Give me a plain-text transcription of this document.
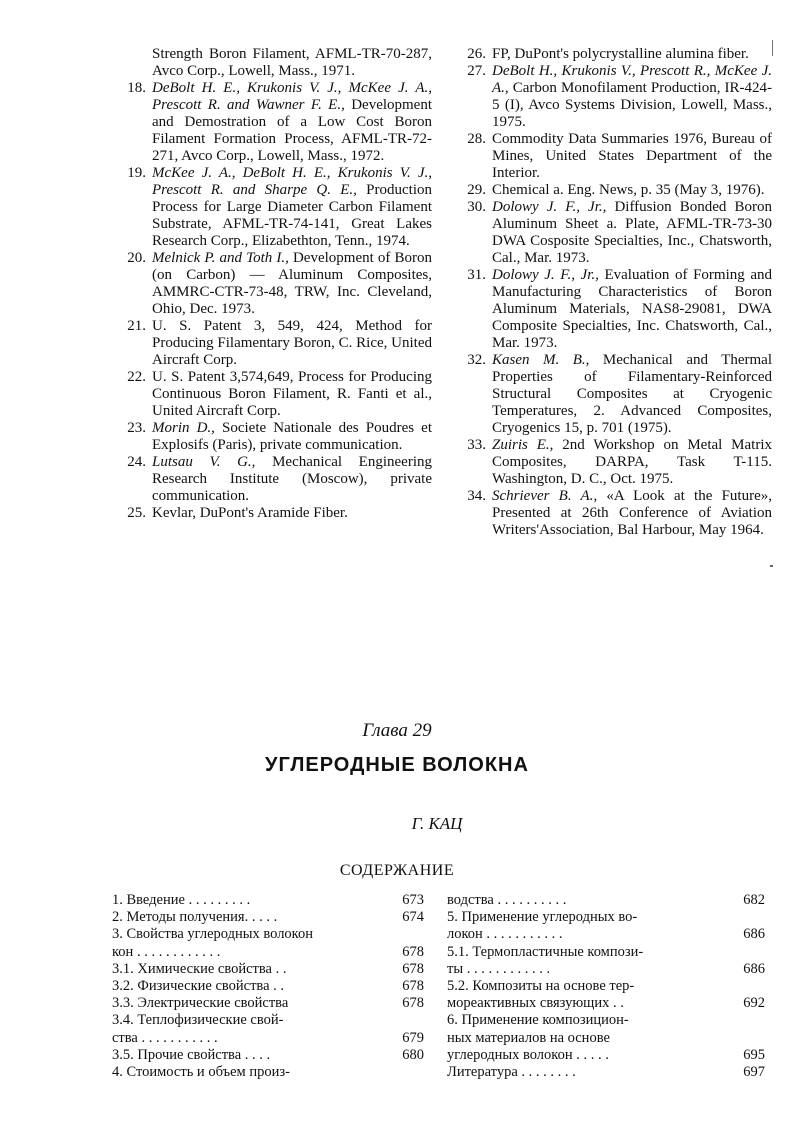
Strength Boron Filament, AFML-TR-70-287, Avco Corp., Lowell, Mass., 1971.
18. DeBolt H. E., Krukonis V. J., McKee J. A., Prescott R. and Wawner F. E., Development and Demostration of a Low Cost Boron Filament Formation Process, AFML-TR-72-271, Avco Corp., Lowell, Mass., 1972.
19. McKee J. A., DeBolt H. E., Krukonis V. J., Prescott R. and Sharpe Q. E., Production Process for Large Diameter Carbon Filament Substrate, AFML-TR-74-141, Great Lakes Research Corp., Elizabethton, Tenn., 1974.
20. Melnick P. and Toth I., Development of Boron (on Carbon) — Aluminum Composites, AMMRC-CTR-73-48, TRW, Inc. Cleveland, Ohio, Dec. 1973.
21. U. S. Patent 3, 549, 424, Method for Producing Filamentary Boron, C. Rice, United Aircraft Corp.
22. U. S. Patent 3,574,649, Process for Producing Continuous Boron Filament, R. Fanti et al., United Aircraft Corp.
23. Morin D., Societe Nationale des Poudres et Explosifs (Paris), private communication.
24. Lutsau V. G., Mechanical Engineering Research Institute (Moscow), private communication.
25. Kevlar, DuPont's Aramide Fiber.
26. FP, DuPont's polycrystalline alumina fiber.
27. DeBolt H., Krukonis V., Prescott R., McKee J. A., Carbon Monofilament Production, IR-424-5 (I), Avco Systems Division, Lowell, Mass., 1975.
28. Commodity Data Summaries 1976, Bureau of Mines, United States Department of the Interior.
29. Chemical a. Eng. News, p. 35 (May 3, 1976).
30. Dolowy J. F., Jr., Diffusion Bonded Boron Aluminum Sheet a. Plate, AFML-TR-73-30 DWA Cosposite Specialties, Inc., Chatsworth, Cal., Mar. 1973.
31. Dolowy J. F., Jr., Evaluation of Forming and Manufacturing Characteristics of Boron Aluminum Materials, NAS8-29081, DWA Composite Specialties, Inc. Chatsworth, Cal., Mar. 1973.
32. Kasen M. B., Mechanical and Thermal Properties of Filamentary-Reinforced Structural Composites at Cryogenic Temperatures, 2. Advanced Composites, Cryogenics 15, p. 701 (1975).
33. Zuiris E., 2nd Workshop on Metal Matrix Composites, DARPA, Task T-115. Washington, D. C., Oct. 1975.
34. Schriever B. A., «A Look at the Future», Presented at 26th Conference of Aviation Writers'Association, Bal Harbour, May 1964.
Глава 29
УГЛЕРОДНЫЕ ВОЛОКНА
Г. КАЦ
СОДЕРЖАНИЕ
1. Введение . . . . . . . . .	673
2. Методы получения. . . . .	674
3. Свойства углеродных волокон
кон . . . . . . . . . . . .	678
3.1. Химические свойства . .	678
3.2. Физические свойства . .	678
3.3. Электрические свойства	678
3.4. Теплофизические свой-
ства . . . . . . . . . . .	679
3.5. Прочие свойства . . . .	680
4. Стоимость и объем произ-
водства . . . . . . . . . .	682
5. Применение углеродных во-
локон . . . . . . . . . . .	686
5.1. Термопластичные компози-
ты . . . . . . . . . . . .	686
5.2. Композиты на основе тер-
мореактивных связующих . .	692
6. Применение композицион-
ных материалов на основе
углеродных волокон . . . . .	695
Литература . . . . . . . .	697
